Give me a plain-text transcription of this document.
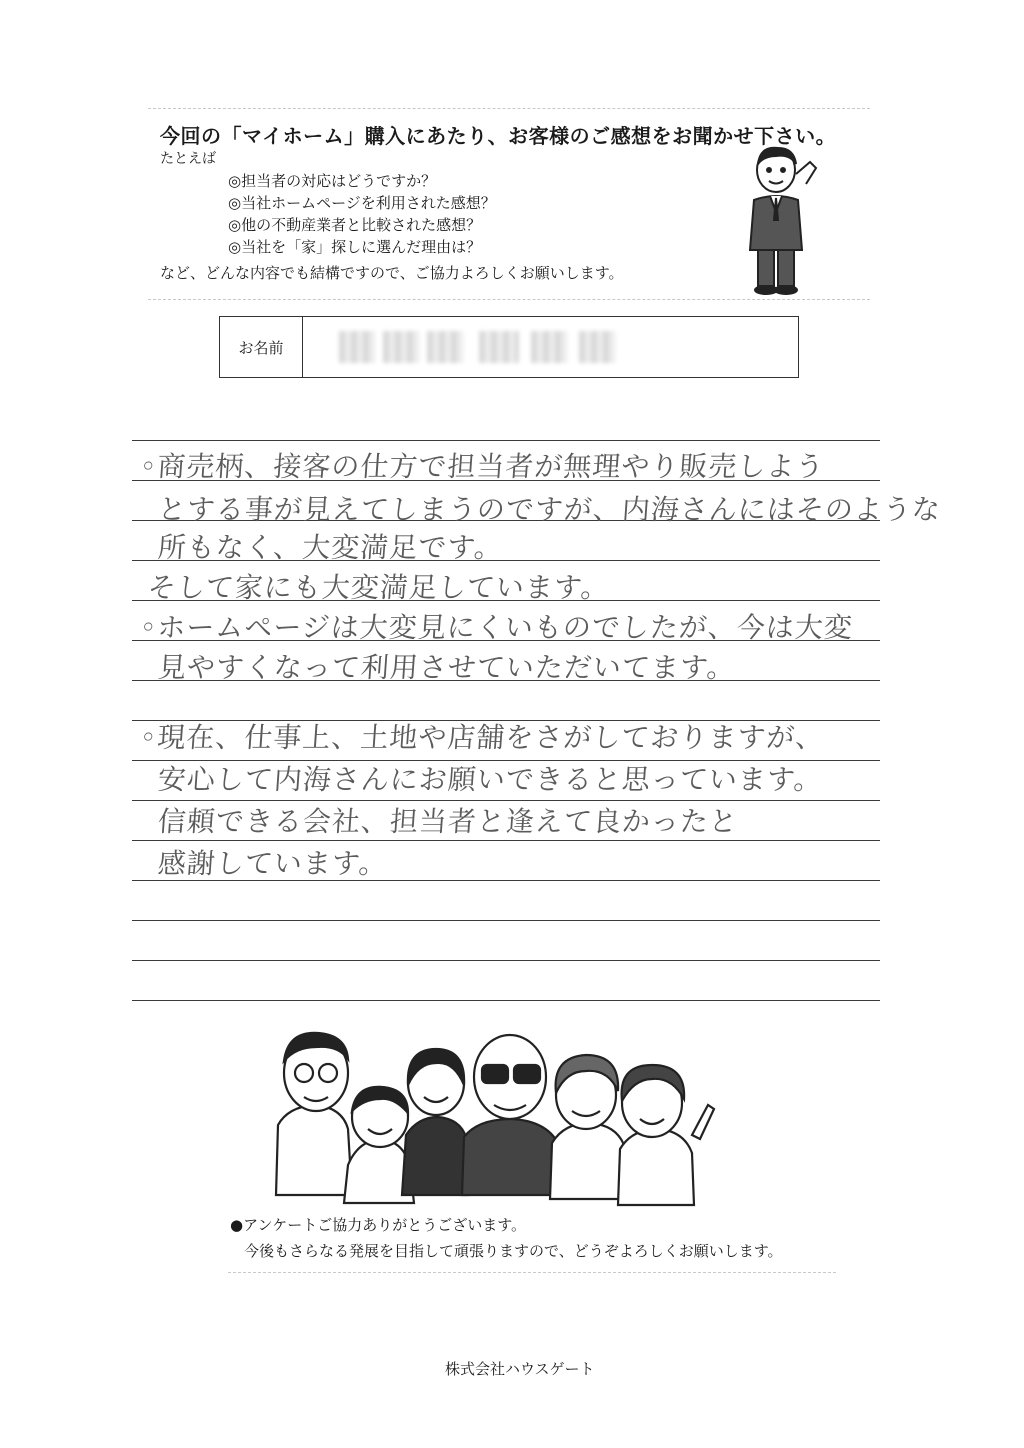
今回の「マイホーム」購入にあたり、お客様のご感想をお聞かせ下さい。
たとえば
◎担当者の対応はどうですか？
◎当社ホームページを利用された感想？
◎他の不動産業者と比較された感想？
◎当社を「家」探しに選んだ理由は？
など、どんな内容でも結構ですので、ご協力よろしくお願いします。
お名前
◦商売柄、接客の仕方で担当者が無理やり販売しよう
とする事が見えてしまうのですが、内海さんにはそのような
所もなく、大変満足です。
そして家にも大変満足しています。
◦ホームページは大変見にくいものでしたが、今は大変
見やすくなって利用させていただいてます。
◦現在、仕事上、土地や店舗をさがしておりますが、
安心して内海さんにお願いできると思っています。
信頼できる会社、担当者と逢えて良かったと
感謝しています。
●アンケートご協力ありがとうございます。
今後もさらなる発展を目指して頑張りますので、どうぞよろしくお願いします。
株式会社ハウスゲート
